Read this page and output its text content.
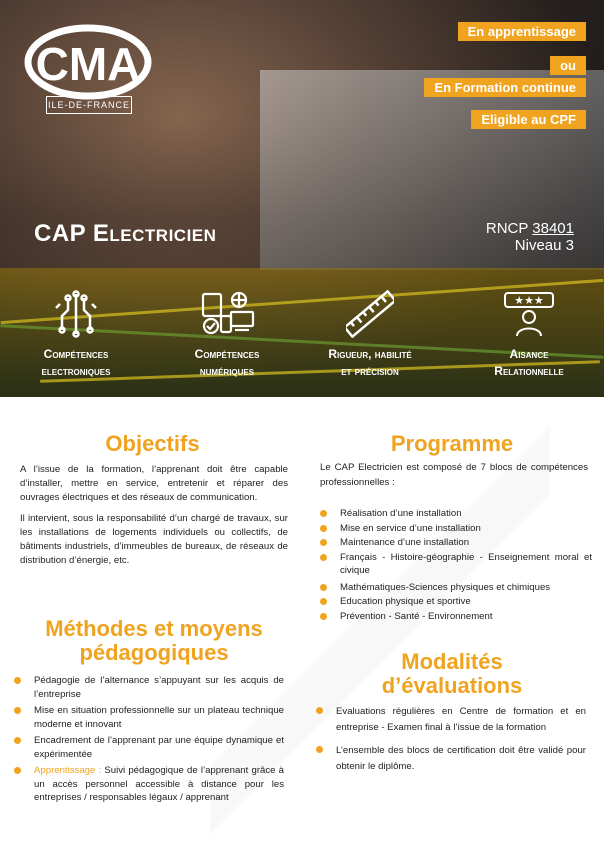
CMA
ILE-DE-FRANCE
En apprentissage
ou
En Formation continue
Eligible au CPF
CAP Electricien	RNCP 38401
Niveau 3
Compétences
electroniques
Compétences
numériques
Rigueur, habilité
et précision
★★★
Aisance
Relationnelle
Objectifs

A l’issue de la formation, l’apprenant doit être capable d’installer, mettre en service, entretenir et réparer des ouvrages électriques et des réseaux de communication.

Il intervient, sous la responsabilité d’un chargé de travaux, sur les installations de logements individuels ou collectifs, de bâtiments industriels, d’immeubles de bureaux, de réseaux de distribution d’énergie, etc.

Programme

Le CAP Electricien est composé de 7 blocs de compétences professionnelles :

Réalisation d’une installation
Mise en service d’une installation
Maintenance d’une installation
Français - Histoire-géographie - Enseignement moral et civique
Mathématiques-Sciences physiques et chimiques
Education physique et sportive
Prévention - Santé - Environnement
Méthodes et moyens
pédagogiques
Pédagogie de l’alternance s’appuyant sur les acquis de l’entreprise
Mise en situation professionnelle sur un plateau technique moderne et innovant
Encadrement de l’apprenant par une équipe dynamique et expérimentée
Apprentissage : Suivi pédagogique de l’apprenant grâce à un accès personnel accessible à distance pour les entreprises / responsables légaux / apprenant
Modalités
d’évaluations
Evaluations régulières en Centre de formation et en entreprise - Examen final à l’issue de la formation
L’ensemble des blocs de certification doit être validé pour obtenir le diplôme.
